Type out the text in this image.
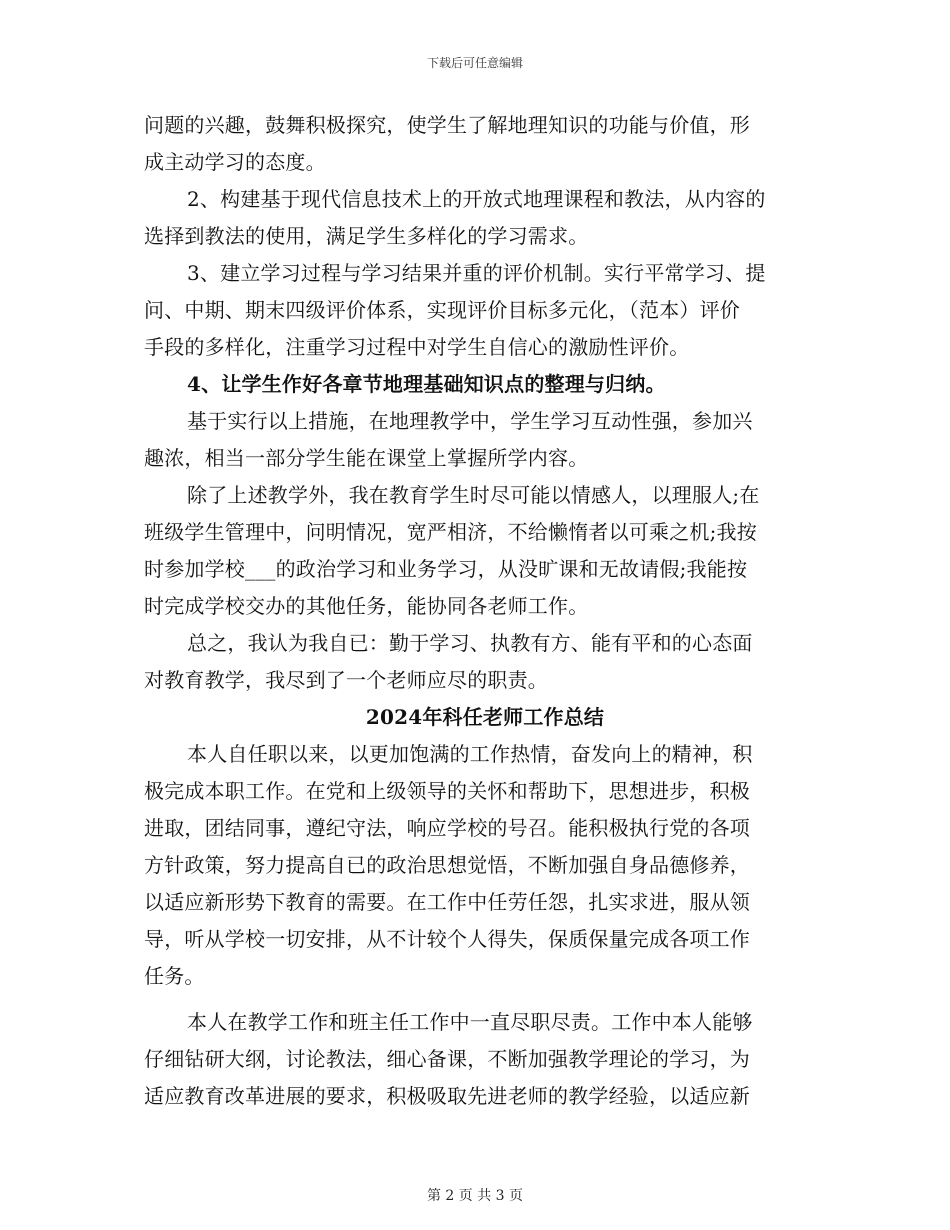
下载后可任意编辑
问题的兴趣，鼓舞积极探究，使学生了解地理知识的功能与价值，形
成主动学习的态度。
2、构建基于现代信息技术上的开放式地理课程和教法，从内容的
选择到教法的使用，满足学生多样化的学习需求。
3、建立学习过程与学习结果并重的评价机制。实行平常学习、提
问、中期、期末四级评价体系，实现评价目标多元化，（范本）评价
手段的多样化，注重学习过程中对学生自信心的激励性评价。
4、让学生作好各章节地理基础知识点的整理与归纳。
基于实行以上措施，在地理教学中，学生学习互动性强，参加兴
趣浓，相当一部分学生能在课堂上掌握所学内容。
除了上述教学外，我在教育学生时尽可能以情感人，以理服人;在
班级学生管理中，问明情况，宽严相济，不给懒惰者以可乘之机;我按
时参加学校___的政治学习和业务学习，从没旷课和无故请假;我能按
时完成学校交办的其他任务，能协同各老师工作。
总之，我认为我自已：勤于学习、执教有方、能有平和的心态面
对教育教学，我尽到了一个老师应尽的职责。
2024年科任老师工作总结
本人自任职以来，以更加饱满的工作热情，奋发向上的精神，积
极完成本职工作。在党和上级领导的关怀和帮助下，思想进步，积极
进取，团结同事，遵纪守法，响应学校的号召。能积极执行党的各项
方针政策，努力提高自已的政治思想觉悟，不断加强自身品德修养，
以适应新形势下教育的需要。在工作中任劳任怨，扎实求进，服从领
导，听从学校一切安排，从不计较个人得失，保质保量完成各项工作
任务。
本人在教学工作和班主任工作中一直尽职尽责。工作中本人能够
仔细钻研大纲，讨论教法，细心备课，不断加强教学理论的学习，为
适应教育改革进展的要求，积极吸取先进老师的教学经验，以适应新
第 2 页 共 3 页
